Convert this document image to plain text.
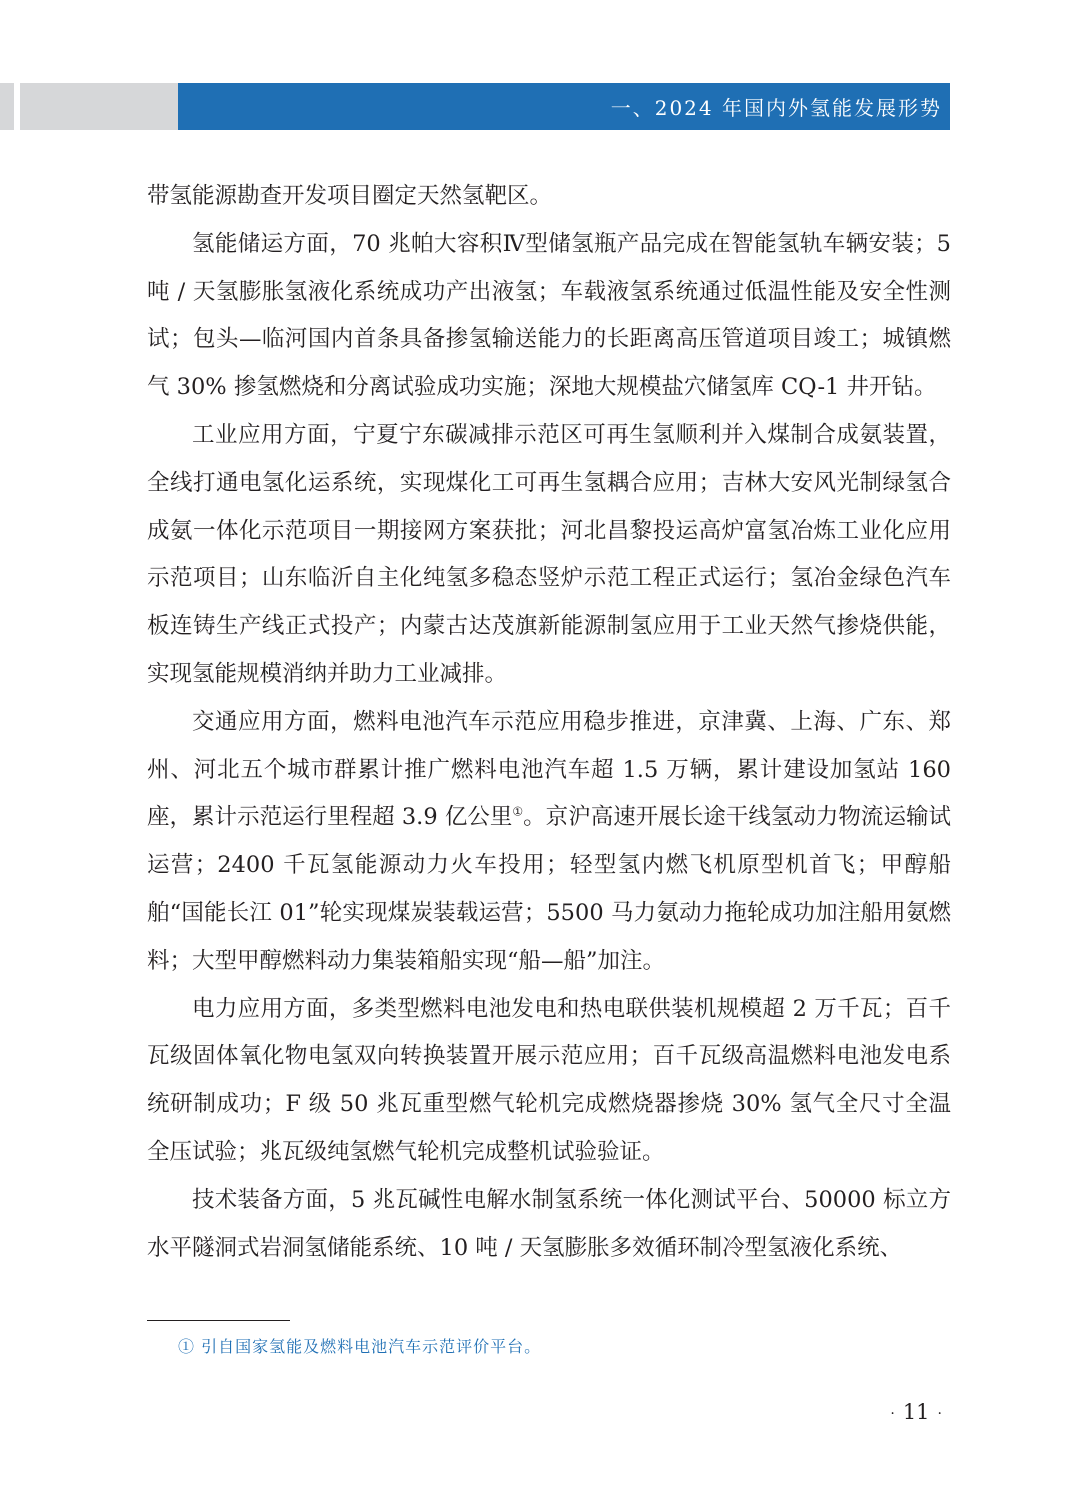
一、2024 年国内外氢能发展形势

带氢能源勘查开发项目圈定天然氢靶区。

氢能储运方面，70 兆帕大容积Ⅳ型储氢瓶产品完成在智能氢轨车辆安装；5 吨 / 天氢膨胀氢液化系统成功产出液氢；车载液氢系统通过低温性能及安全性测试；包头—临河国内首条具备掺氢输送能力的长距离高压管道项目竣工；城镇燃气 30% 掺氢燃烧和分离试验成功实施；深地大规模盐穴储氢库 CQ-1 井开钻。

工业应用方面，宁夏宁东碳减排示范区可再生氢顺利并入煤制合成氨装置，全线打通电氢化运系统，实现煤化工可再生氢耦合应用；吉林大安风光制绿氢合成氨一体化示范项目一期接网方案获批；河北昌黎投运高炉富氢冶炼工业化应用示范项目；山东临沂自主化纯氢多稳态竖炉示范工程正式运行；氢冶金绿色汽车板连铸生产线正式投产；内蒙古达茂旗新能源制氢应用于工业天然气掺烧供能，实现氢能规模消纳并助力工业减排。

交通应用方面，燃料电池汽车示范应用稳步推进，京津冀、上海、广东、郑州、河北五个城市群累计推广燃料电池汽车超 1.5 万辆，累计建设加氢站 160 座，累计示范运行里程超 3.9 亿公里①。京沪高速开展长途干线氢动力物流运输试运营；2400 千瓦氢能源动力火车投用；轻型氢内燃飞机原型机首飞；甲醇船舶“国能长江 01”轮实现煤炭装载运营；5500 马力氨动力拖轮成功加注船用氨燃料；大型甲醇燃料动力集装箱船实现“船—船”加注。

电力应用方面，多类型燃料电池发电和热电联供装机规模超 2 万千瓦；百千瓦级固体氧化物电氢双向转换装置开展示范应用；百千瓦级高温燃料电池发电系统研制成功；F 级 50 兆瓦重型燃气轮机完成燃烧器掺烧 30% 氢气全尺寸全温全压试验；兆瓦级纯氢燃气轮机完成整机试验验证。

技术装备方面，5 兆瓦碱性电解水制氢系统一体化测试平台、50000 标立方水平隧洞式岩洞氢储能系统、10 吨 / 天氢膨胀多效循环制冷型氢液化系统、

① 引自国家氢能及燃料电池汽车示范评价平台。
· 11 ·
